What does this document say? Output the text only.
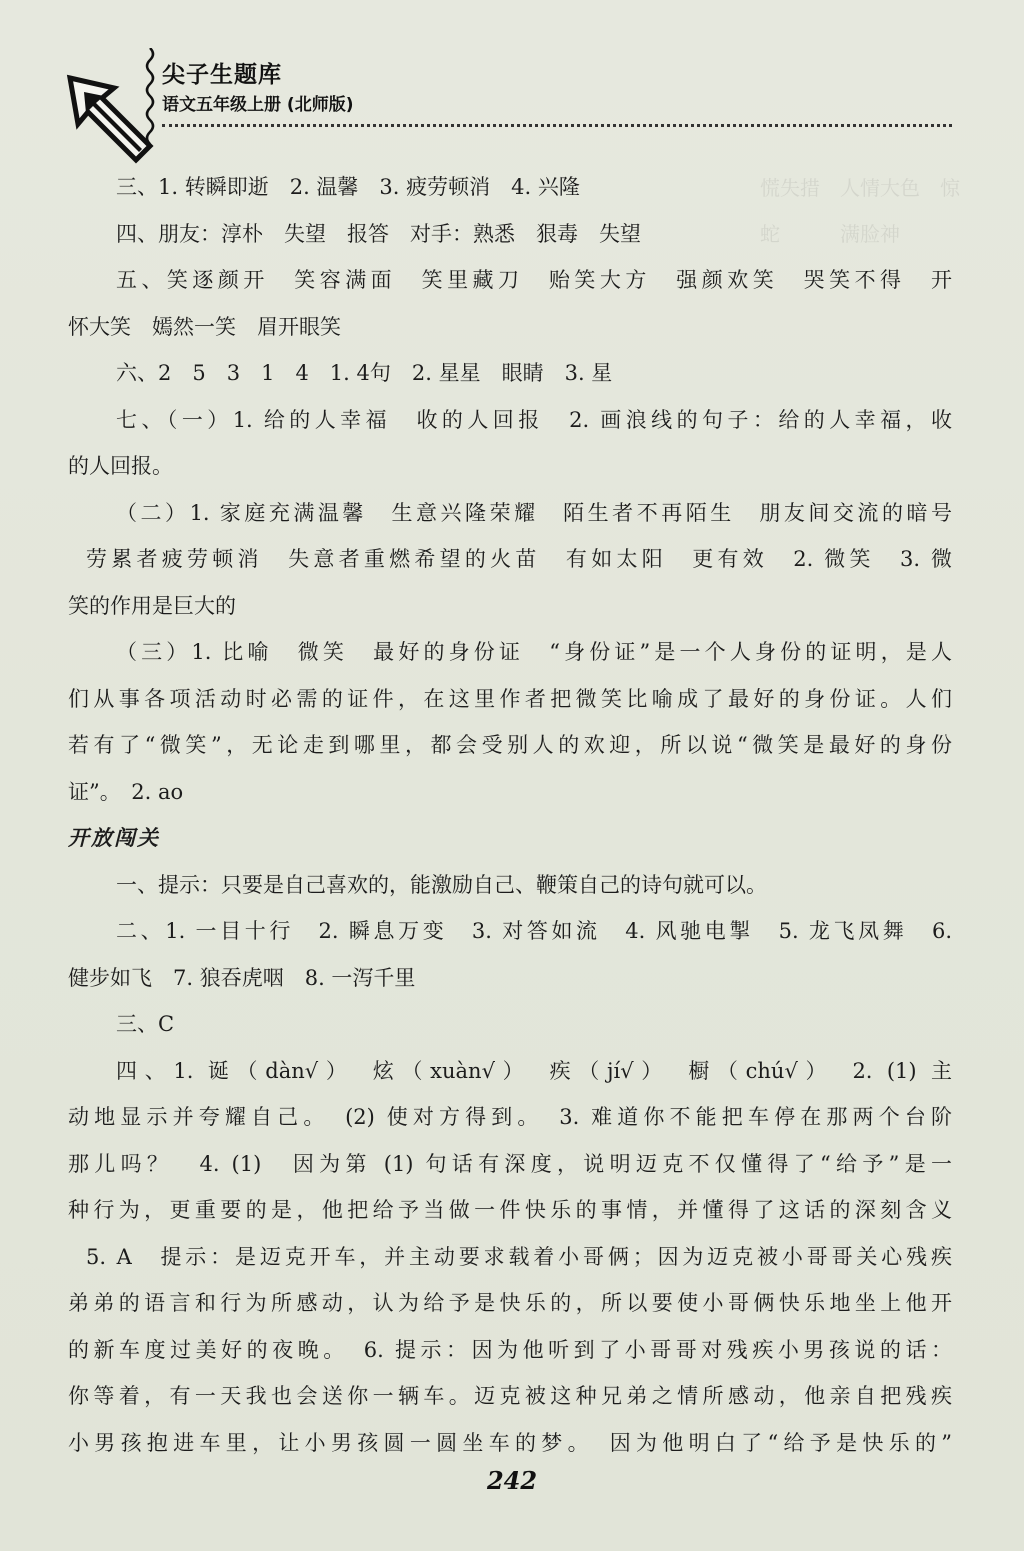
慌失措　人情大色　惊
蛇　　　满脸神
尖子生题库
语文五年级上册 (北师版)
三、1. 转瞬即逝　2. 温馨　3. 疲劳顿消　4. 兴隆
四、朋友：淳朴　失望　报答　对手：熟悉　狠毒　失望
五、笑逐颜开　笑容满面　笑里藏刀　贻笑大方　强颜欢笑　哭笑不得　开
怀大笑　嫣然一笑　眉开眼笑
六、2　5　3　1　4　1. 4句　2. 星星　眼睛　3. 星
七、（一）1. 给的人幸福　收的人回报　2. 画浪线的句子：给的人幸福，收
的人回报。
（二）1. 家庭充满温馨　生意兴隆荣耀　陌生者不再陌生　朋友间交流的暗号
劳累者疲劳顿消　失意者重燃希望的火苗　有如太阳　更有效　2. 微笑　3. 微
笑的作用是巨大的
（三）1. 比喻　微笑　最好的身份证　“身份证”是一个人身份的证明，是人
们从事各项活动时必需的证件，在这里作者把微笑比喻成了最好的身份证。人们
若有了“微笑”，无论走到哪里，都会受别人的欢迎，所以说“微笑是最好的身份
证”。　2. ao
开放闯关
一、提示：只要是自己喜欢的，能激励自己、鞭策自己的诗句就可以。
二、1. 一目十行　2. 瞬息万变　3. 对答如流　4. 风驰电掣　5. 龙飞凤舞　6.
健步如飞　7. 狼吞虎咽　8. 一泻千里
三、C
四、1. 诞（dàn√）　炫（xuàn√）　疾（jí√）　橱（chú√）　2. (1) 主
动地显示并夸耀自己。　(2) 使对方得到。　3. 难道你不能把车停在那两个台阶
那儿吗？　4. (1)　因为第 (1) 句话有深度，说明迈克不仅懂得了“给予”是一
种行为，更重要的是，他把给予当做一件快乐的事情，并懂得了这话的深刻含义
5. A　提示：是迈克开车，并主动要求载着小哥俩；因为迈克被小哥哥关心残疾
弟弟的语言和行为所感动，认为给予是快乐的，所以要使小哥俩快乐地坐上他开
的新车度过美好的夜晚。　6. 提示：因为他听到了小哥哥对残疾小男孩说的话：
你等着，有一天我也会送你一辆车。迈克被这种兄弟之情所感动，他亲自把残疾
小男孩抱进车里，让小男孩圆一圆坐车的梦。　因为他明白了“给予是快乐的”
242
